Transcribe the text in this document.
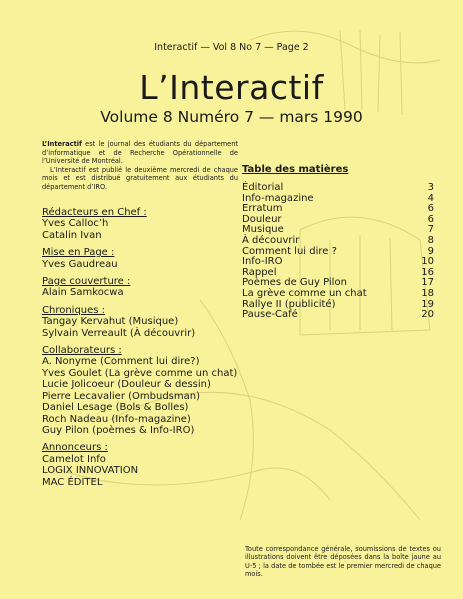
Interactif — Vol 8 No 7 — Page 2
L’Interactif
Volume 8 Numéro 7 — mars 1990

L’Interactif est le journal des étudiants du département d’informatique et de Recherche Opérationnelle de l’Université de Montréal.

L’Interactif est publié le deuxième mercredi de chaque mois et est distribué gratuitement aux étudiants du département d’IRO.

Rédacteurs en Chef :
Yves Calloc’h
Catalin Ivan
Mise en Page :
Yves Gaudreau
Page couverture :
Alain Samkocwa
Chroniques :
Tangay Kervahut (Musique)
Sylvain Verreault (À découvrir)
Collaborateurs :
A. Nonyme (Comment lui dire?)
Yves Goulet (La grève comme un chat)
Lucie Jolicoeur (Douleur & dessin)
Pierre Lecavalier (Ombudsman)
Daniel Lesage (Bols & Bolles)
Roch Nadeau (Info-magazine)
Guy Pilon (poèmes & Info-IRO)
Annonceurs :
Camelot Info
LOGIX INNOVATION
MAC ÉDITEL
Table des matières
Éditorial	3
Info-magazine	4
Erratum	6
Douleur	6
Musique	7
À découvrir	8
Comment lui dire ?	9
Info-IRO	10
Rappel	16
Poèmes de Guy Pilon	17
La grève comme un chat	18
Rallye II (publicité)	19
Pause-Café	20
Toute correspondance générale, soumissions de textes ou illustrations doivent être déposées dans la boîte jaune au U-5 ; la date de tombée est le premier mercredi de chaque mois.
